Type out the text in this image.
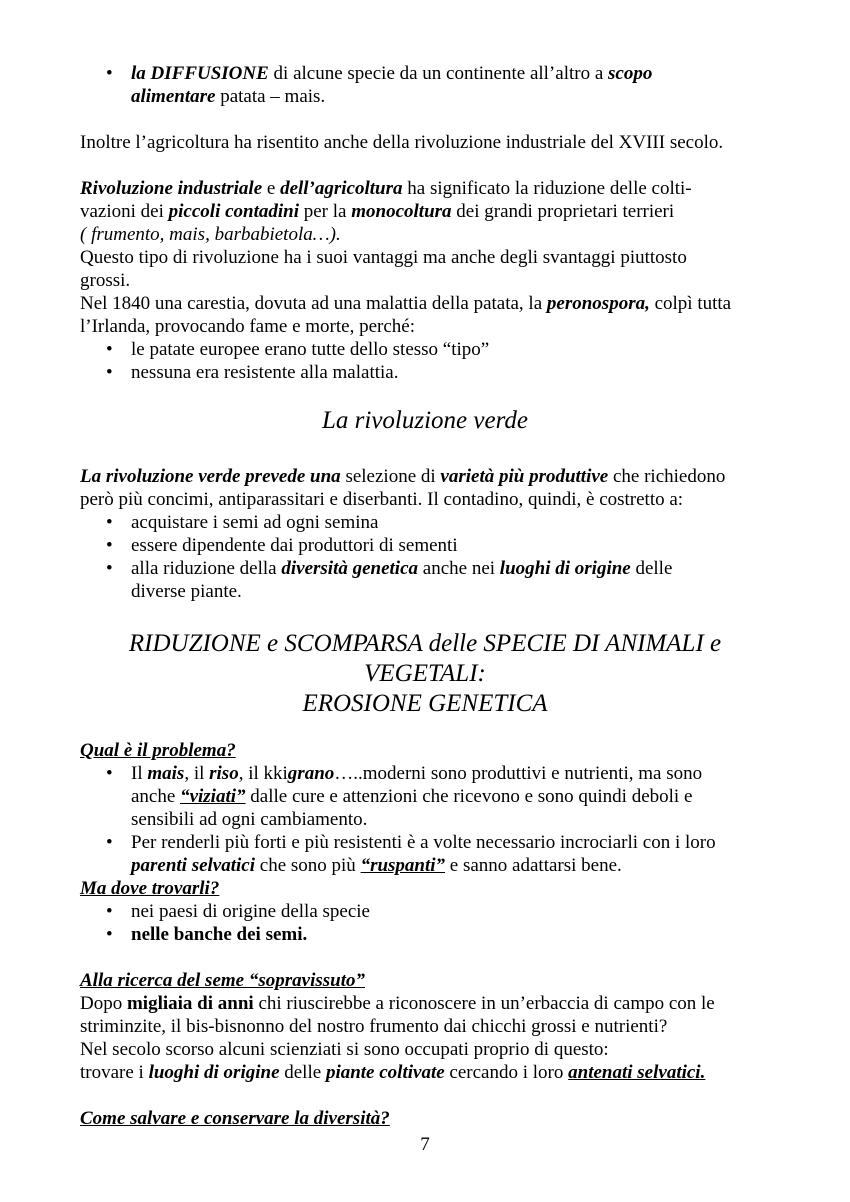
• la DIFFUSIONE di alcune specie da un continente all’altro a scopo
alimentare patata – mais.

Inoltre l’agricoltura ha risentito anche della rivoluzione industriale del XVIII secolo.

Rivoluzione industriale e dell’agricoltura ha significato la riduzione delle colti-
vazioni dei piccoli contadini per la monocoltura dei grandi proprietari terrieri
( frumento, mais, barbabietola…).
Questo tipo di rivoluzione ha i suoi vantaggi ma anche degli svantaggi piuttosto
grossi.
Nel 1840 una carestia, dovuta ad una malattia della patata, la peronospora, colpì tutta
l’Irlanda, provocando fame e morte, perché:
• le patate europee erano tutte dello stesso “tipo”
• nessuna era resistente alla malattia.
La rivoluzione verde
La rivoluzione verde prevede una selezione di varietà più produttive che richiedono
però più concimi, antiparassitari e diserbanti. Il contadino, quindi, è costretto a:
• acquistare i semi ad ogni semina
• essere dipendente dai produttori di sementi
• alla riduzione della diversità genetica anche nei luoghi di origine delle
diverse piante.
RIDUZIONE e SCOMPARSA delle SPECIE DI ANIMALI e
VEGETALI:
EROSIONE GENETICA
Qual è il problema?
• Il mais, il riso, il kkigrano…..moderni sono produttivi e nutrienti, ma sono
anche “viziati” dalle cure e attenzioni che ricevono e sono quindi deboli e
sensibili ad ogni cambiamento.
• Per renderli più forti e più resistenti è a volte necessario incrociarli con i loro
parenti selvatici che sono più “ruspanti” e sanno adattarsi bene.
Ma dove trovarli?
• nei paesi di origine della specie
• nelle banche dei semi.
Alla ricerca del seme “sopravissuto”
Dopo migliaia di anni chi riuscirebbe a riconoscere in un’erbaccia di campo con le
striminzite, il bis-bisnonno del nostro frumento dai chicchi grossi e nutrienti?
Nel secolo scorso alcuni scienziati si sono occupati proprio di questo:
trovare i luoghi di origine delle piante coltivate cercando i loro antenati selvatici.
Come salvare e conservare la diversità?
7
